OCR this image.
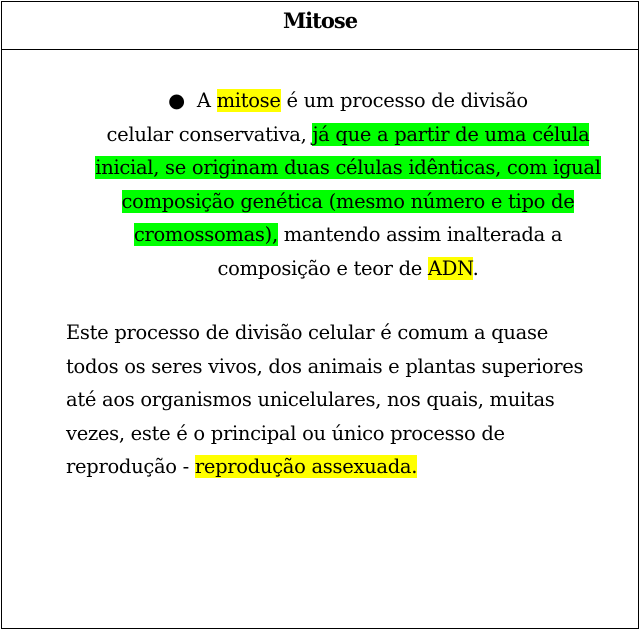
Mitose
● A mitose é um processo de divisão
celular conservativa, já que a partir de uma célula
inicial, se originam duas células idênticas, com igual
composição genética (mesmo número e tipo de
cromossomas), mantendo assim inalterada a
composição e teor de ADN.
Este processo de divisão celular é comum a quase
todos os seres vivos, dos animais e plantas superiores
até aos organismos unicelulares, nos quais, muitas
vezes, este é o principal ou único processo de
reprodução - reprodução assexuada.
